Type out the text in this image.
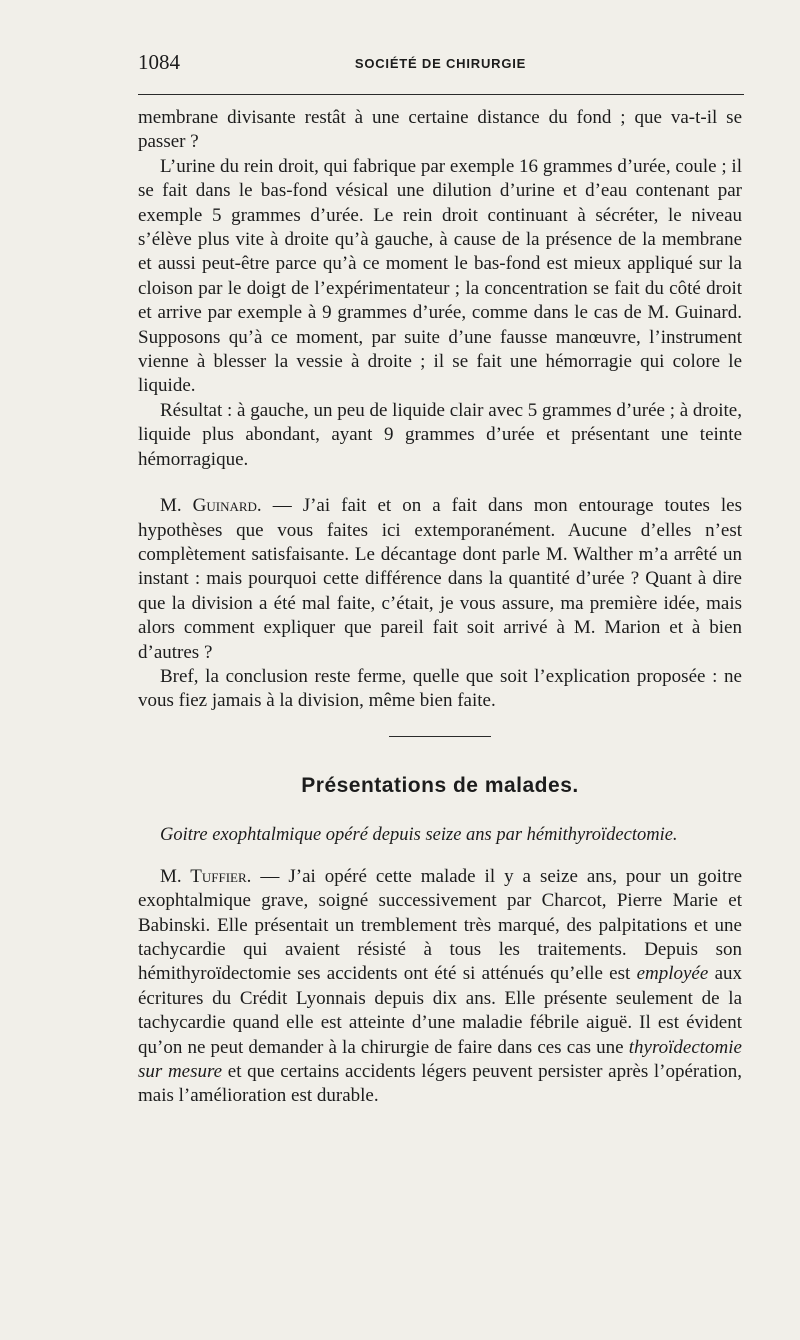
1084	SOCIÉTÉ DE CHIRURGIE

membrane divisante restât à une certaine distance du fond ; que va-t-il se passer ?

L’urine du rein droit, qui fabrique par exemple 16 grammes d’urée, coule ; il se fait dans le bas-fond vésical une dilution d’urine et d’eau contenant par exemple 5 grammes d’urée. Le rein droit continuant à sécréter, le niveau s’élève plus vite à droite qu’à gauche, à cause de la présence de la membrane et aussi peut-être parce qu’à ce moment le bas-fond est mieux appliqué sur la cloison par le doigt de l’expérimentateur ; la concentration se fait du côté droit et arrive par exemple à 9 grammes d’urée, comme dans le cas de M. Guinard. Supposons qu’à ce moment, par suite d’une fausse manœuvre, l’instrument vienne à blesser la vessie à droite ; il se fait une hémorragie qui colore le liquide.

Résultat : à gauche, un peu de liquide clair avec 5 grammes d’urée ; à droite, liquide plus abondant, ayant 9 grammes d’urée et présentant une teinte hémorragique.

M. Guinard. — J’ai fait et on a fait dans mon entourage toutes les hypothèses que vous faites ici extemporanément. Aucune d’elles n’est complètement satisfaisante. Le décantage dont parle M. Walther m’a arrêté un instant : mais pourquoi cette différence dans la quantité d’urée ? Quant à dire que la division a été mal faite, c’était, je vous assure, ma première idée, mais alors comment expliquer que pareil fait soit arrivé à M. Marion et à bien d’autres ?

Bref, la conclusion reste ferme, quelle que soit l’explication proposée : ne vous fiez jamais à la division, même bien faite.

Présentations de malades.

Goitre exophtalmique opéré depuis seize ans par hémithyroïdectomie.

M. Tuffier. — J’ai opéré cette malade il y a seize ans, pour un goitre exophtalmique grave, soigné successivement par Charcot, Pierre Marie et Babinski. Elle présentait un tremblement très marqué, des palpitations et une tachycardie qui avaient résisté à tous les traitements. Depuis son hémithyroïdectomie ses accidents ont été si atténués qu’elle est employée aux écritures du Crédit Lyonnais depuis dix ans. Elle présente seulement de la tachycardie quand elle est atteinte d’une maladie fébrile aiguë. Il est évident qu’on ne peut demander à la chirurgie de faire dans ces cas une thyroïdectomie sur mesure et que certains accidents légers peuvent persister après l’opération, mais l’amélioration est durable.
